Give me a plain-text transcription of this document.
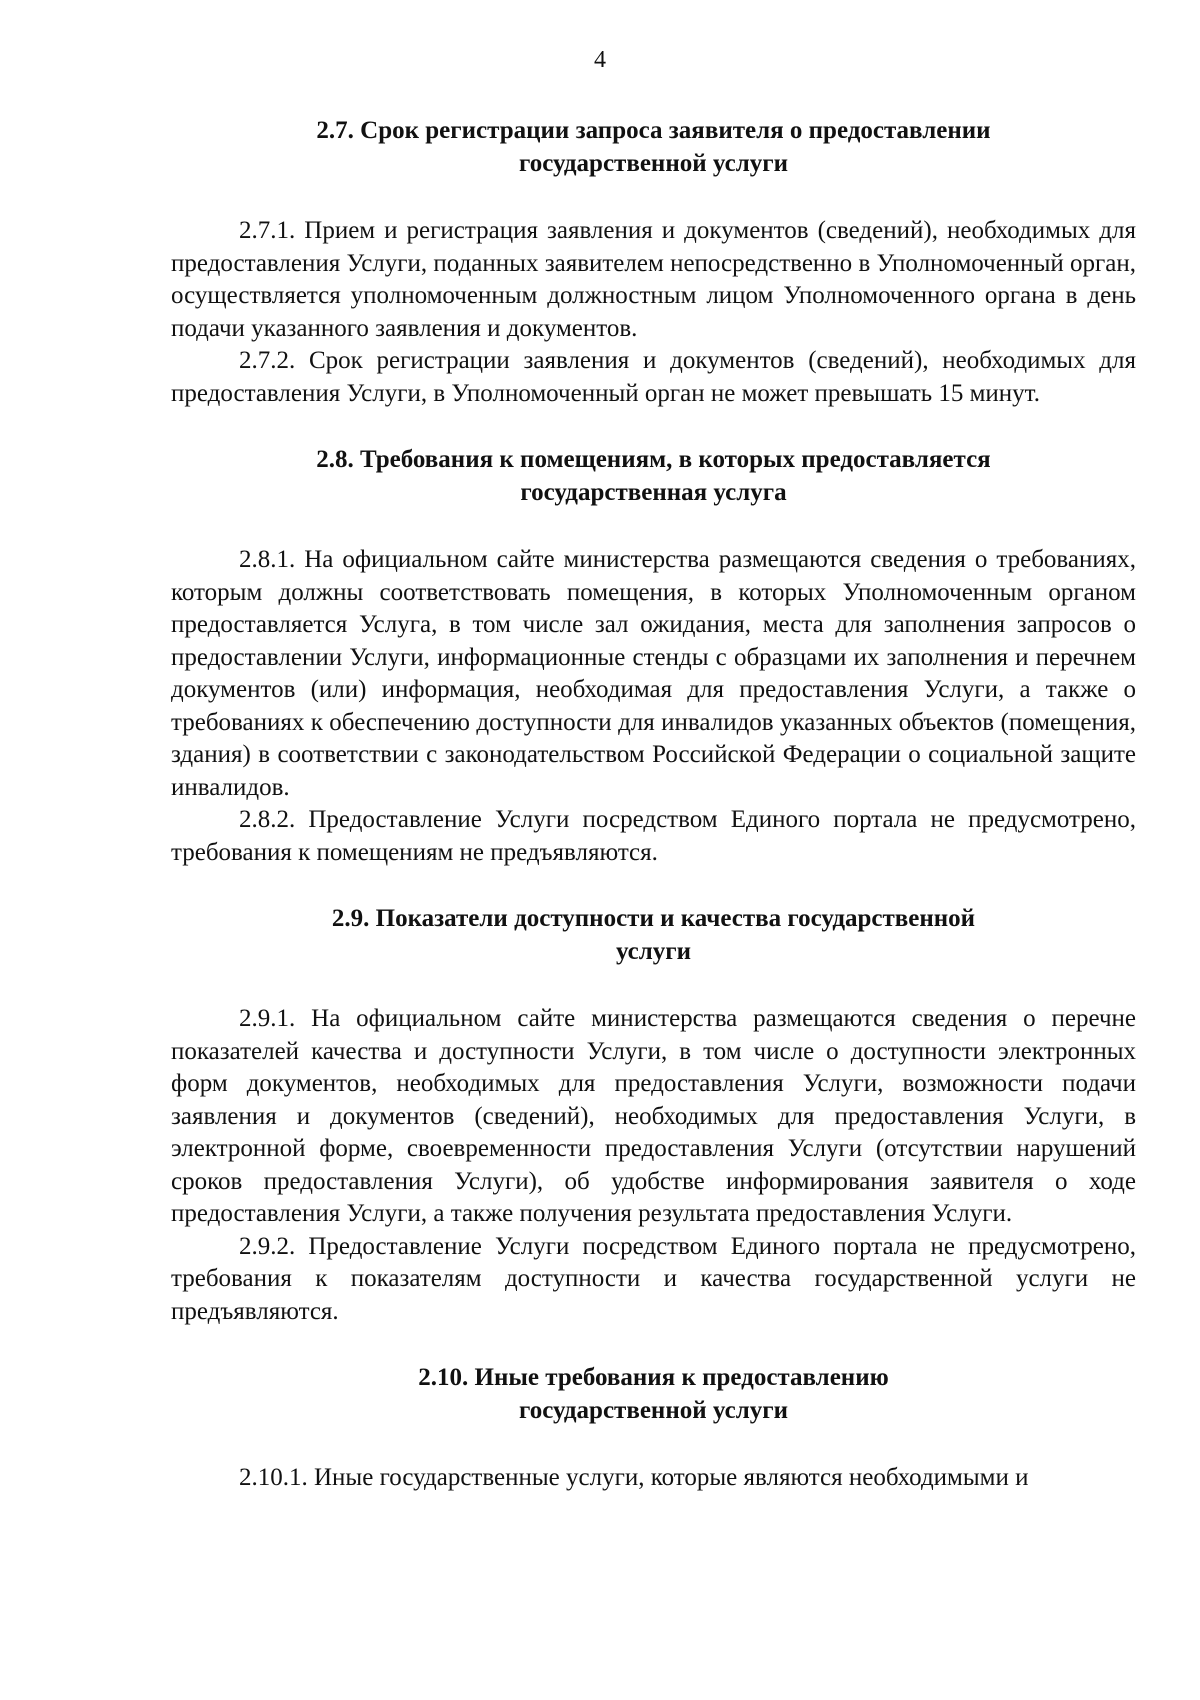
4
2.7. Срок регистрации запроса заявителя о предоставлении
государственной услуги

2.7.1. Прием и регистрация заявления и документов (сведений), необходимых для предоставления Услуги, поданных заявителем непосредственно в Уполномоченный орган, осуществляется уполномоченным должностным лицом Уполномоченного органа в день подачи указанного заявления и документов.

2.7.2. Срок регистрации заявления и документов (сведений), необходимых для предоставления Услуги, в Уполномоченный орган не может превышать 15 минут.

2.8. Требования к помещениям, в которых предоставляется
государственная услуга

2.8.1. На официальном сайте министерства размещаются сведения о требованиях, которым должны соответствовать помещения, в которых Уполномоченным органом предоставляется Услуга, в том числе зал ожидания, места для заполнения запросов о предоставлении Услуги, информационные стенды с образцами их заполнения и перечнем документов (или) информация, необходимая для предоставления Услуги, а также о требованиях к обеспечению доступности для инвалидов указанных объектов (помещения, здания) в соответствии с законодательством Российской Федерации о социальной защите инвалидов.

2.8.2. Предоставление Услуги посредством Единого портала не предусмотрено, требования к помещениям не предъявляются.

2.9. Показатели доступности и качества государственной
услуги

2.9.1. На официальном сайте министерства размещаются сведения о перечне показателей качества и доступности Услуги, в том числе о доступности электронных форм документов, необходимых для предоставления Услуги, возможности подачи заявления и документов (сведений), необходимых для предоставления Услуги, в электронной форме, своевременности предоставления Услуги (отсутствии нарушений сроков предоставления Услуги), об удобстве информирования заявителя о ходе предоставления Услуги, а также получения результата предоставления Услуги.

2.9.2. Предоставление Услуги посредством Единого портала не предусмотрено, требования к показателям доступности и качества государственной услуги не предъявляются.

2.10. Иные требования к предоставлению
государственной услуги

2.10.1. Иные государственные услуги, которые являются необходимыми и
